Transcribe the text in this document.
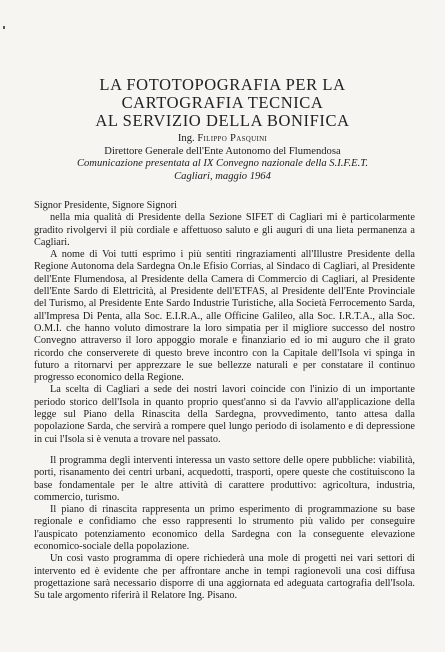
LA FOTOTOPOGRAFIA PER LA
CARTOGRAFIA TECNICA
AL SERVIZIO DELLA BONIFICA
Ing. Filippo Pasquini
Direttore Generale dell'Ente Autonomo del Flumendosa
Comunicazione presentata al IX Convegno nazionale della S.I.F.E.T.
Cagliari, maggio 1964

Signor Presidente, Signore Signori

nella mia qualità di Presidente della Sezione SIFET di Cagliari mi è particolarmente gradito rivolgervi il più cordiale e affettuoso saluto e gli auguri di una lieta permanenza a Cagliari.

A nome di Voi tutti esprimo i più sentiti ringraziamenti all'Illustre Presidente della Regione Autonoma dela Sardegna On.le Efisio Corrias, al Sindaco di Cagliari, al Presidente dell'Ente Flumendosa, al Presidente della Camera di Commercio di Cagliari, al Presidente dell'Ente Sardo di Elettricità, al Presidente dell'ETFAS, al Presidente dell'Ente Provinciale del Turismo, al Presidente Ente Sardo Industrie Turistiche, alla Società Ferrocemento Sarda, all'Impresa Di Penta, alla Soc. E.I.R.A., alle Officine Galileo, alla Soc. I.R.T.A., alla Soc. O.M.I. che hanno voluto dimostrare la loro simpatia per il migliore successo del nostro Convegno attraverso il loro appoggio morale e finanziario ed io mi auguro che il grato ricordo che conserverete di questo breve incontro con la Capitale dell'Isola vi spinga in futuro a ritornarvi per apprezzare le sue bellezze naturali e per constatare il continuo progresso economico della Regione.

La scelta di Cagliari a sede dei nostri lavori coincide con l'inizio di un importante periodo storico dell'Isola in quanto proprio quest'anno si da l'avvio all'applicazione della legge sul Piano della Rinascita della Sardegna, provvedimento, tanto attesa dalla popolazione Sarda, che servirà a rompere quel lungo periodo di isolamento e di depressione in cui l'Isola si è venuta a trovare nel passato.

Il programma degli interventi interessa un vasto settore delle opere pubbliche: viabilità, porti, risanamento dei centri urbani, acquedotti, trasporti, opere queste che costituiscono la base fondamentale per le altre attività di carattere produttivo: agricoltura, industria, commercio, turismo.

Il piano di rinascita rappresenta un primo esperimento di programmazione su base regionale e confidiamo che esso rappresenti lo strumento più valido per conseguire l'auspicato potenziamento economico della Sardegna con la conseguente elevazione economico-sociale della popolazione.

Un così vasto programma di opere richiederà una mole di progetti nei vari settori di intervento ed è evidente che per affrontare anche in tempi ragionevoli una così diffusa progettazione sarà necessario disporre di una aggiornata ed adeguata cartografia dell'Isola. Su tale argomento riferirà il Relatore Ing. Pisano.
